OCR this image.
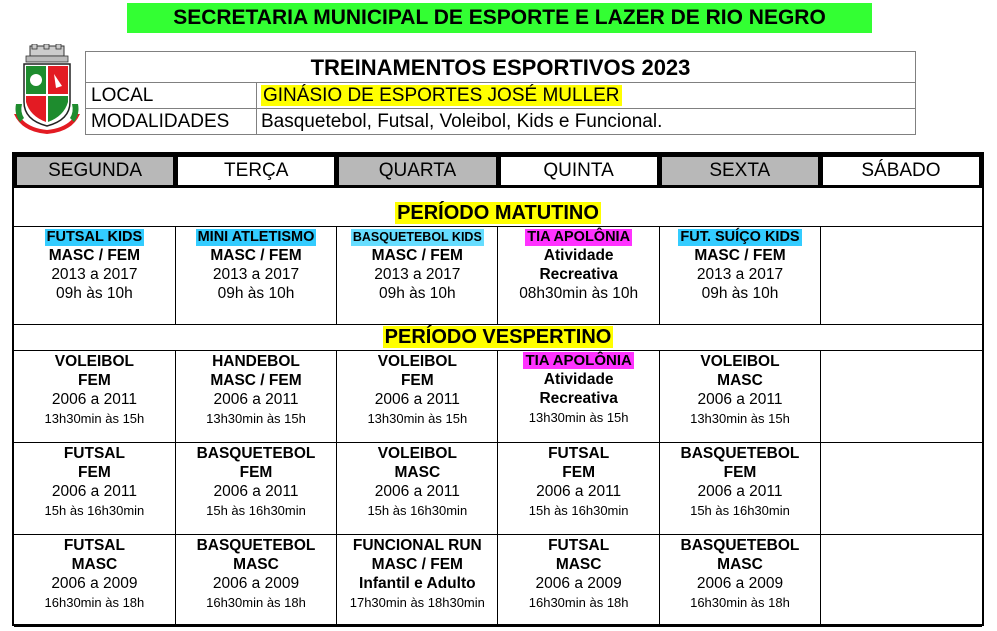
SECRETARIA MUNICIPAL DE ESPORTE E LAZER DE RIO NEGRO
TREINAMENTOS ESPORTIVOS 2023	
LOCAL	GINÁSIO DE ESPORTES JOSÉ MULLER
MODALIDADES	Basquetebol, Futsal, Voleibol, Kids e Funcional.
SEGUNDA	TERÇA	QUARTA	QUINTA	SEXTA	SÁBADO
PERÍODO MATUTINO
FUTSAL KIDS
MASC / FEM
2013 a 2017
09h às 10h
	MINI ATLETISMO
MASC / FEM
2013 a 2017
09h às 10h
	BASQUETEBOL KIDS
MASC / FEM
2013 a 2017
09h às 10h
	TIA APOLÔNIA
Atividade
Recreativa
08h30min às 10h
	FUT. SUÍÇO KIDS
MASC / FEM
2013 a 2017
09h às 10h

PERÍODO VESPERTINO
VOLEIBOL
FEM
2006 a 2011
13h30min às 15h	HANDEBOL
MASC / FEM
2006 a 2011
13h30min às 15h	VOLEIBOL
FEM
2006 a 2011
13h30min às 15h	TIA APOLÔNIA
Atividade
Recreativa
13h30min às 15h	VOLEIBOL
MASC
2006 a 2011
13h30min às 15h	

FUTSAL
FEM
2006 a 2011
15h às 16h30min	BASQUETEBOL
FEM
2006 a 2011
15h às 16h30min	VOLEIBOL
MASC
2006 a 2011
15h às 16h30min	FUTSAL
FEM
2006 a 2011
15h às 16h30min	BASQUETEBOL
FEM
2006 a 2011
15h às 16h30min	

FUTSAL
MASC
2006 a 2009
16h30min às 18h	BASQUETEBOL
MASC
2006 a 2009
16h30min às 18h	FUNCIONAL RUN
MASC / FEM
Infantil e Adulto
17h30min às 18h30min	FUTSAL
MASC
2006 a 2009
16h30min às 18h	BASQUETEBOL
MASC
2006 a 2009
16h30min às 18h	
